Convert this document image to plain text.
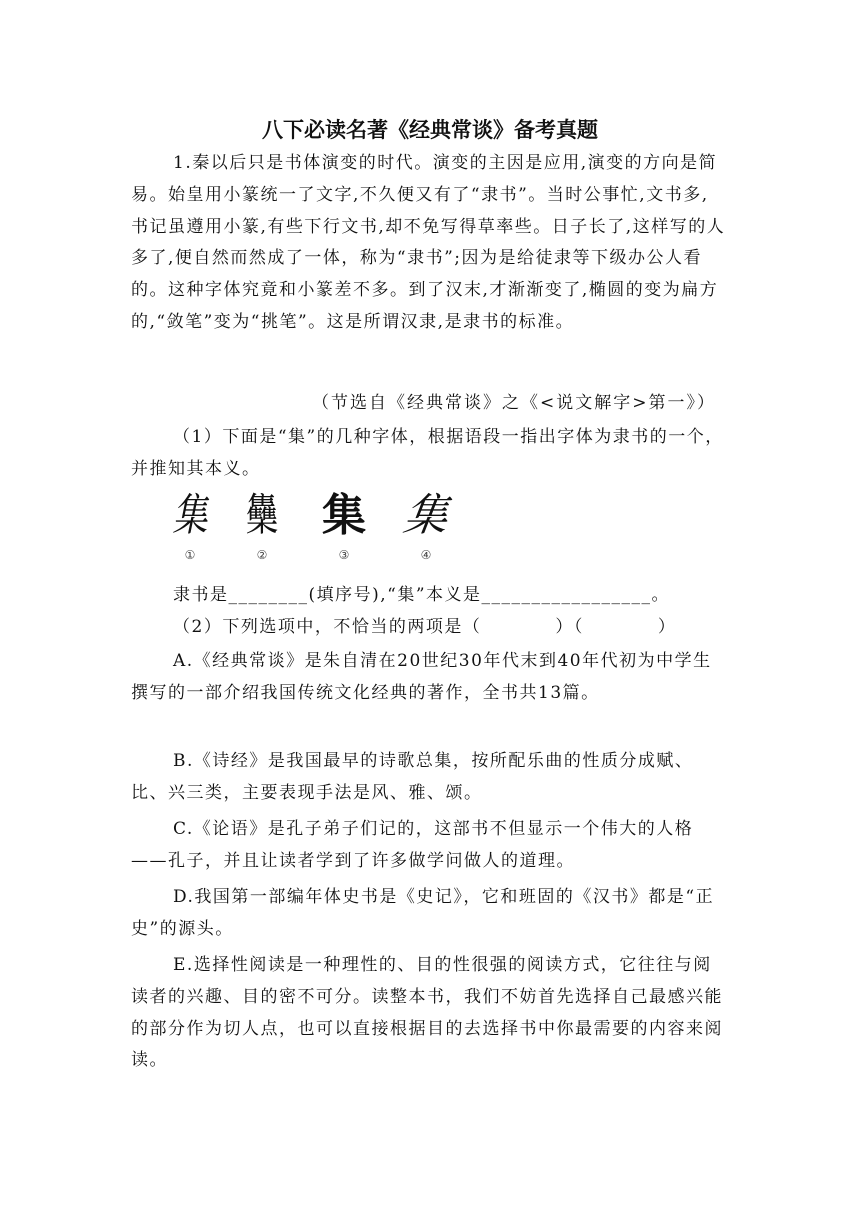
八下必读名著《经典常谈》备考真题
1.秦以后只是书体演变的时代。演变的主因是应用,演变的方向是简易。始皇用小篆统一了文字,不久便又有了“隶书”。当时公事忙,文书多,书记虽遵用小篆,有些下行文书,却不免写得草率些。日子长了,这样写的人多了,便自然而然成了一体，称为“隶书”;因为是给徒隶等下级办公人看的。这种字体究竟和小篆差不多。到了汉末,才渐渐变了,椭圆的变为扁方的,“敛笔”变为“挑笔”。这是所谓汉隶,是隶书的标准。
（节选自《经典常谈》之《<说文解字>第一》）
（1）下面是“集”的几种字体，根据语段一指出字体为隶书的一个，并推知其本义。
集
①
雧
②
集
③
集
④
隶书是________(填序号),“集”本义是_________________。
（2）下列选项中，不恰当的两项是（　　　　）（　　　　）
A.《经典常谈》是朱自清在20世纪30年代末到40年代初为中学生撰写的一部介绍我国传统文化经典的著作，全书共13篇。
B.《诗经》是我国最早的诗歌总集，按所配乐曲的性质分成赋、比、兴三类，主要表现手法是风、雅、颂。
C.《论语》是孔子弟子们记的，这部书不但显示一个伟大的人格——孔子，并且让读者学到了许多做学问做人的道理。
D.我国第一部编年体史书是《史记》，它和班固的《汉书》都是“正史”的源头。
E.选择性阅读是一种理性的、目的性很强的阅读方式，它往往与阅读者的兴趣、目的密不可分。读整本书，我们不妨首先选择自己最感兴能的部分作为切人点，也可以直接根据目的去选择书中你最需要的内容来阅读。
